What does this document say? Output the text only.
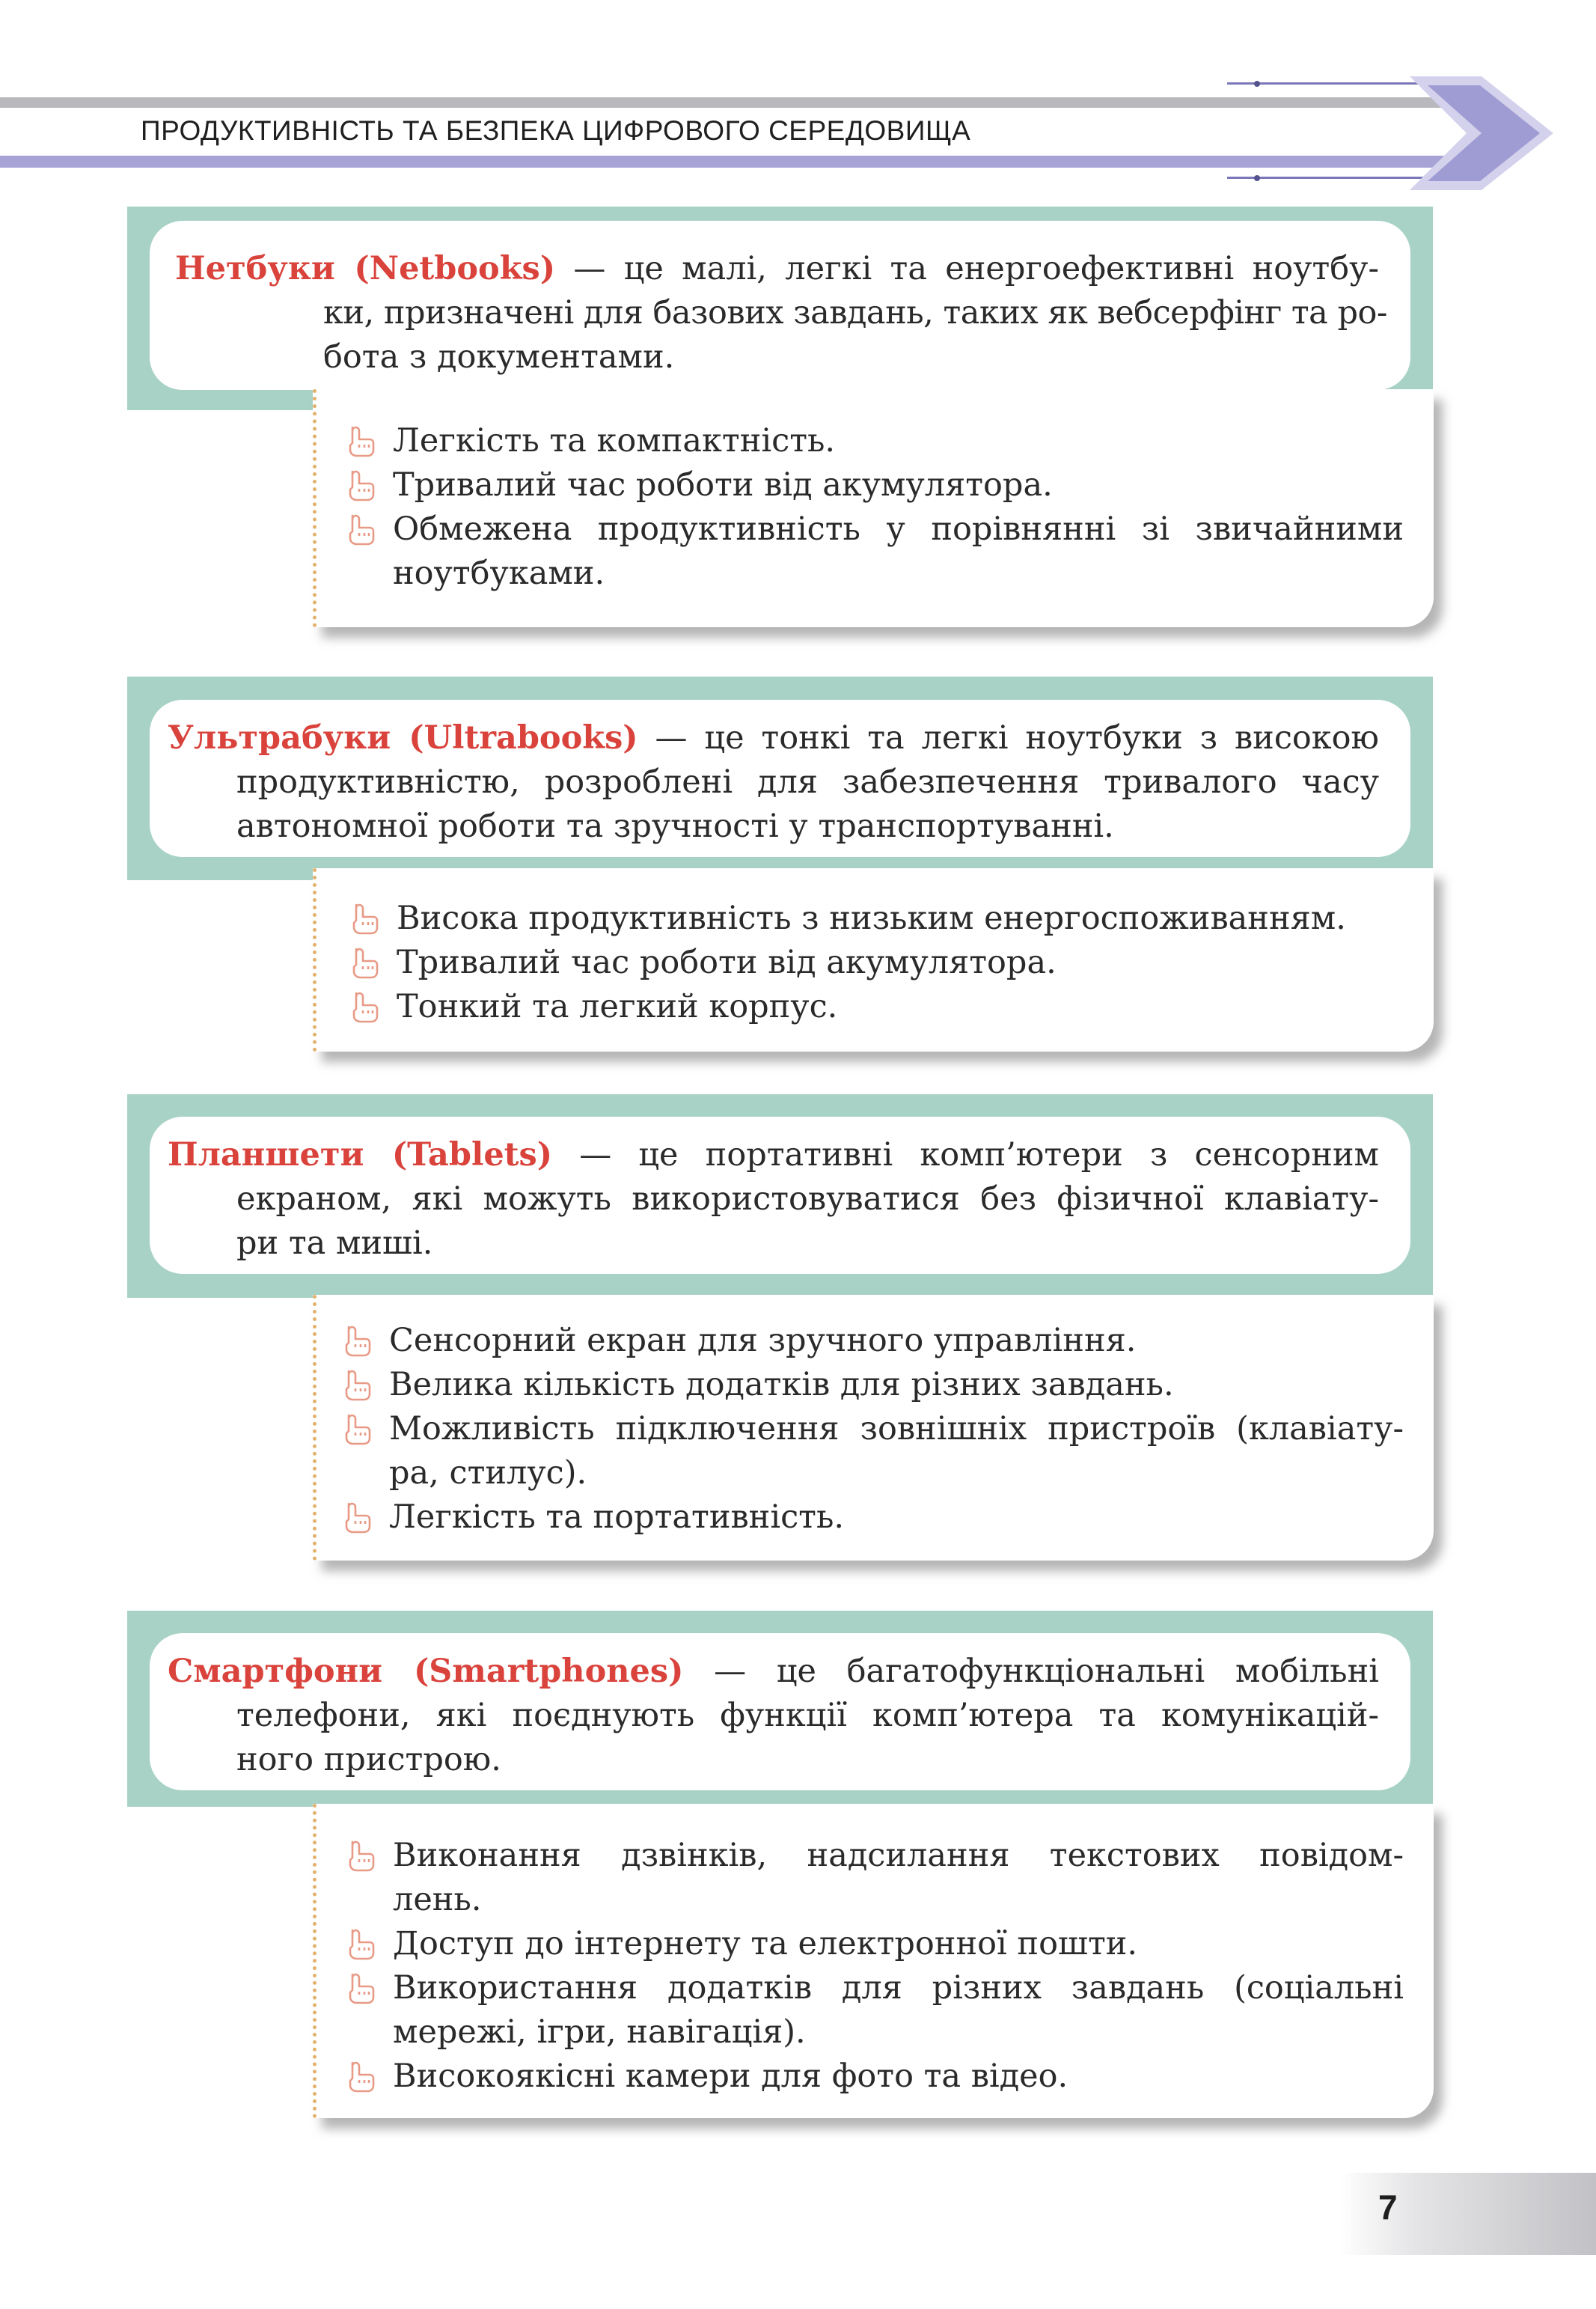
ПРОДУКТИВНІСТЬ ТА БЕЗПЕКА ЦИФРОВОГО СЕРЕДОВИЩА
Нетбуки (Netbooks) — це малі, легкі та енергоефективні ноутбу-
ки, призначені для базових завдань, таких як вебсерфінг та ро-
бота з документами.
Легкість та компактність.
Тривалий час роботи від акумулятора.
Обмежена продуктивність у порівнянні зі звичайними
ноутбуками.
Ультрабуки (Ultrabooks) — це тонкі та легкі ноутбуки з високою
продуктивністю, розроблені для забезпечення тривалого часу
автономної роботи та зручності у транспортуванні.
Висока продуктивність з низьким енергоспоживанням.
Тривалий час роботи від акумулятора.
Тонкий та легкий корпус.
Планшети (Tablets) — це портативні комп’ютери з сенсорним
екраном, які можуть використовуватися без фізичної клавіату-
ри та миші.
Сенсорний екран для зручного управління.
Велика кількість додатків для різних завдань.
Можливість підключення зовнішніх пристроїв (клавіату-
ра, стилус).
Легкість та портативність.
Смартфони (Smartphones) — це багатофункціональні мобільні
телефони, які поєднують функції комп’ютера та комунікацій-
ного пристрою.
Виконання дзвінків, надсилання текстових повідом-
лень.
Доступ до інтернету та електронної пошти.
Використання додатків для різних завдань (соціальні
мережі, ігри, навігація).
Високоякісні камери для фото та відео.
7
